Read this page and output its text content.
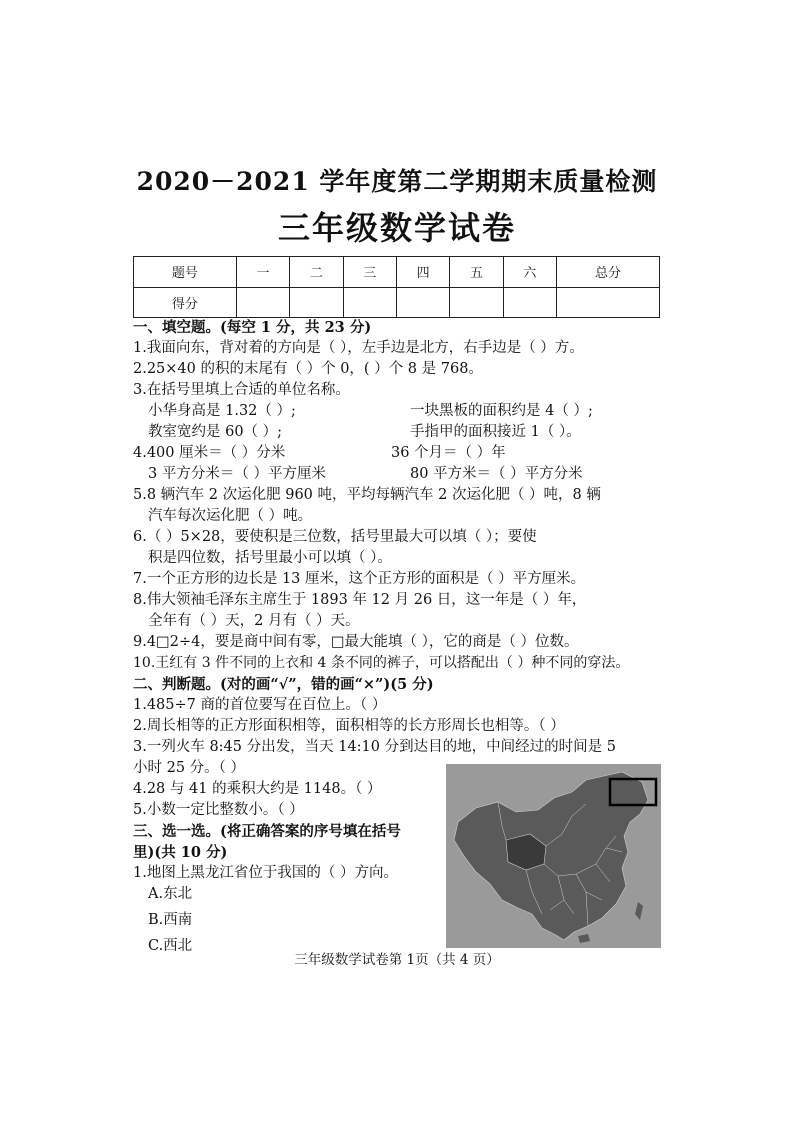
2020－2021 学年度第二学期期末质量检测
三年级数学试卷
题号	一	二	三	四	五	六	总分
得分							
一、填空题。(每空 1 分，共 23 分)
1.我面向东，背对着的方向是（ ），左手边是北方，右手边是（ ）方。
2.25×40 的积的末尾有（ ）个 0，( ）个 8 是 768。
3.在括号里填上合适的单位名称。
小华身高是 1.32（ ）;	一块黑板的面积约是 4（ ）;
教室宽约是 60（ ）;	手指甲的面积接近 1（ ）。
4.400 厘米＝（ ）分米	36 个月＝（ ）年
3 平方分米＝（ ）平方厘米	80 平方米＝（ ）平方分米
5.8 辆汽车 2 次运化肥 960 吨，平均每辆汽车 2 次运化肥（ ）吨，8 辆
汽车每次运化肥（ ）吨。
6.（ ）5×28，要使积是三位数，括号里最大可以填（ ）；要使
积是四位数，括号里最小可以填（ ）。
7.一个正方形的边长是 13 厘米，这个正方形的面积是（ ）平方厘米。
8.伟大领袖毛泽东主席生于 1893 年 12 月 26 日，这一年是（ ）年，
全年有（ ）天，2 月有（ ）天。
9.4□2÷4，要是商中间有零，□最大能填（ ），它的商是（ ）位数。
10.王红有 3 件不同的上衣和 4 条不同的裤子，可以搭配出（ ）种不同的穿法。
二、判断题。(对的画“√”，错的画“×”)(5 分)
1.485÷7 商的首位要写在百位上。（ ）
2.周长相等的正方形面积相等，面积相等的长方形周长也相等。（ ）
3.一列火车 8:45 分出发，当天 14:10 分到达目的地，中间经过的时间是 5
小时 25 分。（ ）
4.28 与 41 的乘积大约是 1148。（ ）
5.小数一定比整数小。（ ）
三、选一选。(将正确答案的序号填在括号
里)(共 10 分)
1.地图上黑龙江省位于我国的（ ）方向。
A.东北
B.西南
C.西北
三年级数学试卷第 1页（共 4 页）
